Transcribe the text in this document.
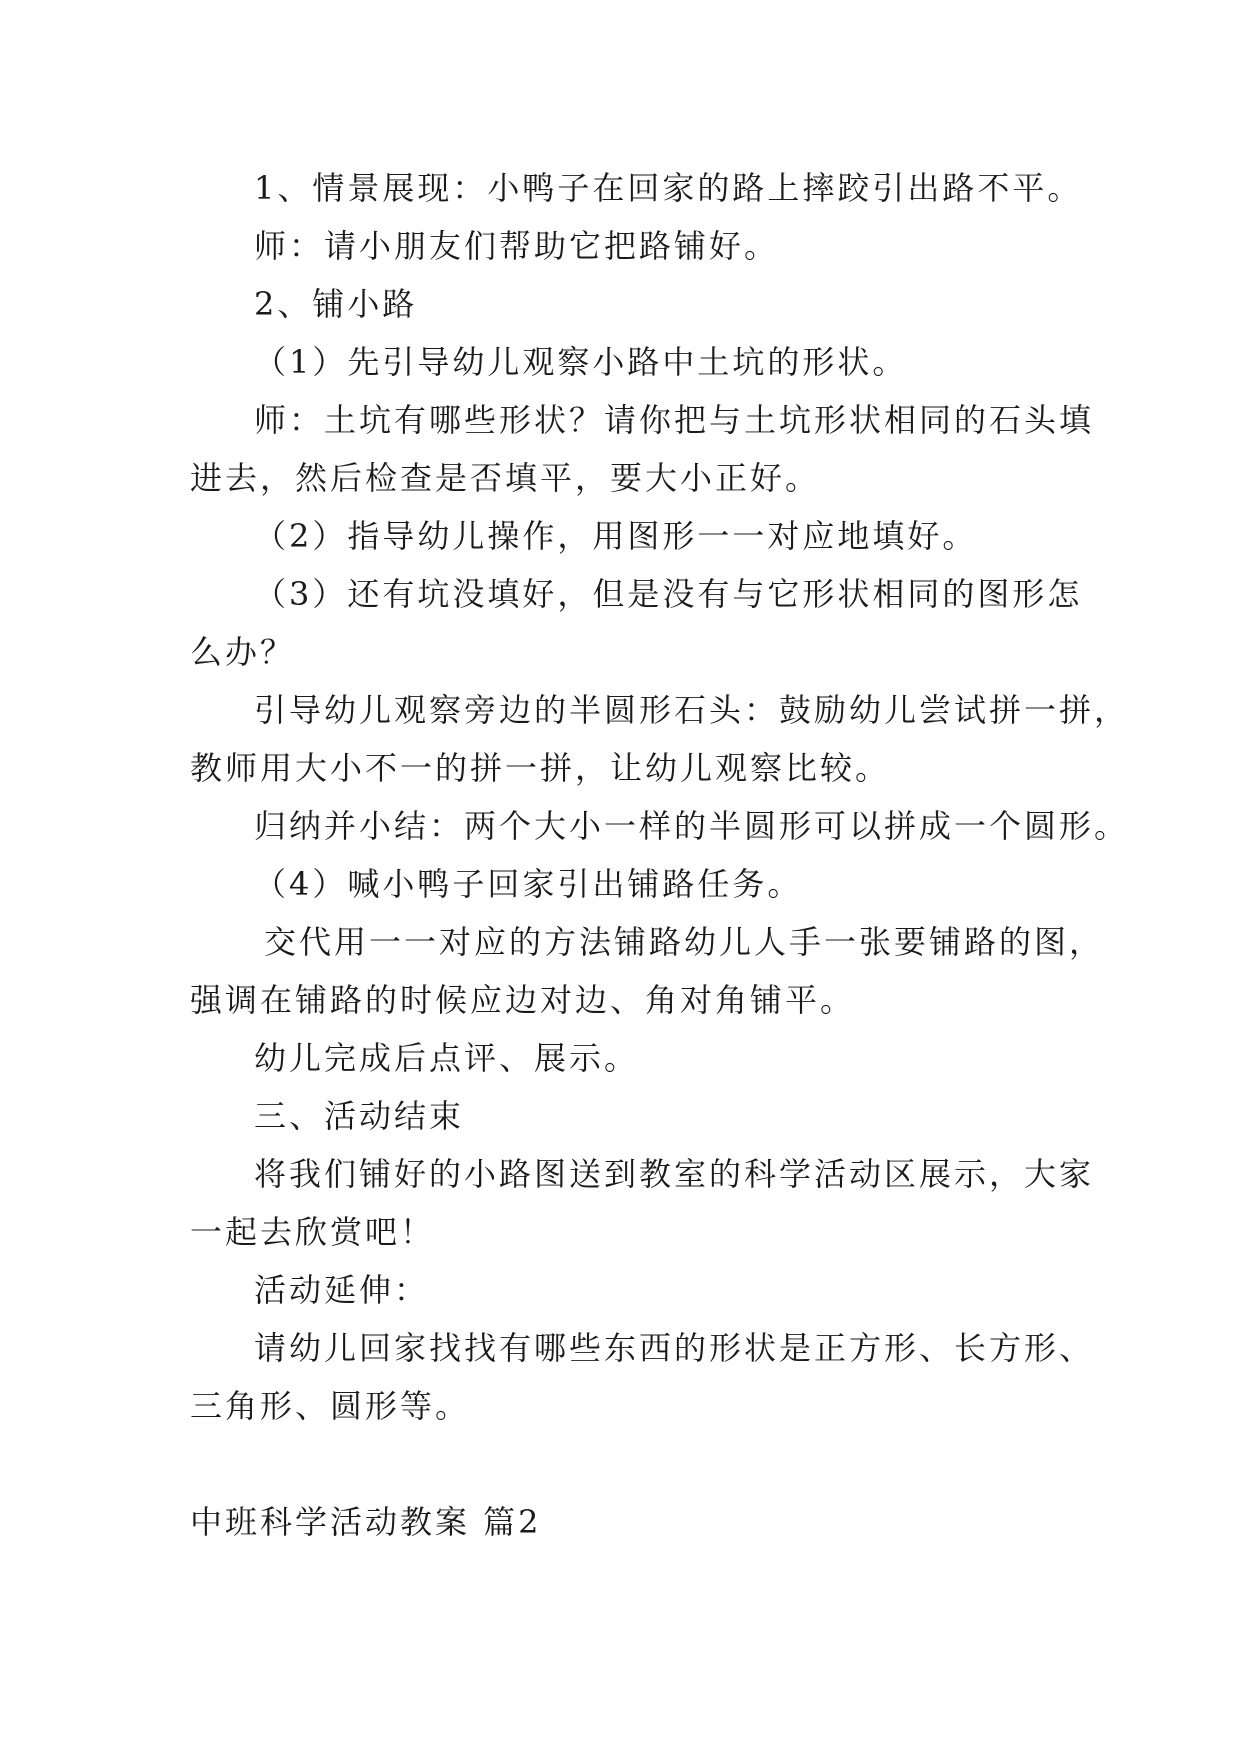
1、情景展现：小鸭子在回家的路上摔跤引出路不平。
师：请小朋友们帮助它把路铺好。
2、铺小路
（1）先引导幼儿观察小路中土坑的形状。
师：土坑有哪些形状？请你把与土坑形状相同的石头填
进去，然后检查是否填平，要大小正好。
（2）指导幼儿操作，用图形一一对应地填好。
（3）还有坑没填好，但是没有与它形状相同的图形怎
么办？
引导幼儿观察旁边的半圆形石头：鼓励幼儿尝试拼一拼，
教师用大小不一的拼一拼，让幼儿观察比较。
归纳并小结：两个大小一样的半圆形可以拼成一个圆形。
（4）喊小鸭子回家引出铺路任务。
交代用一一对应的方法铺路幼儿人手一张要铺路的图，
强调在铺路的时候应边对边、角对角铺平。
幼儿完成后点评、展示。
三、活动结束
将我们铺好的小路图送到教室的科学活动区展示，大家
一起去欣赏吧！
活动延伸：
请幼儿回家找找有哪些东西的形状是正方形、长方形、
三角形、圆形等。
中班科学活动教案 篇2
